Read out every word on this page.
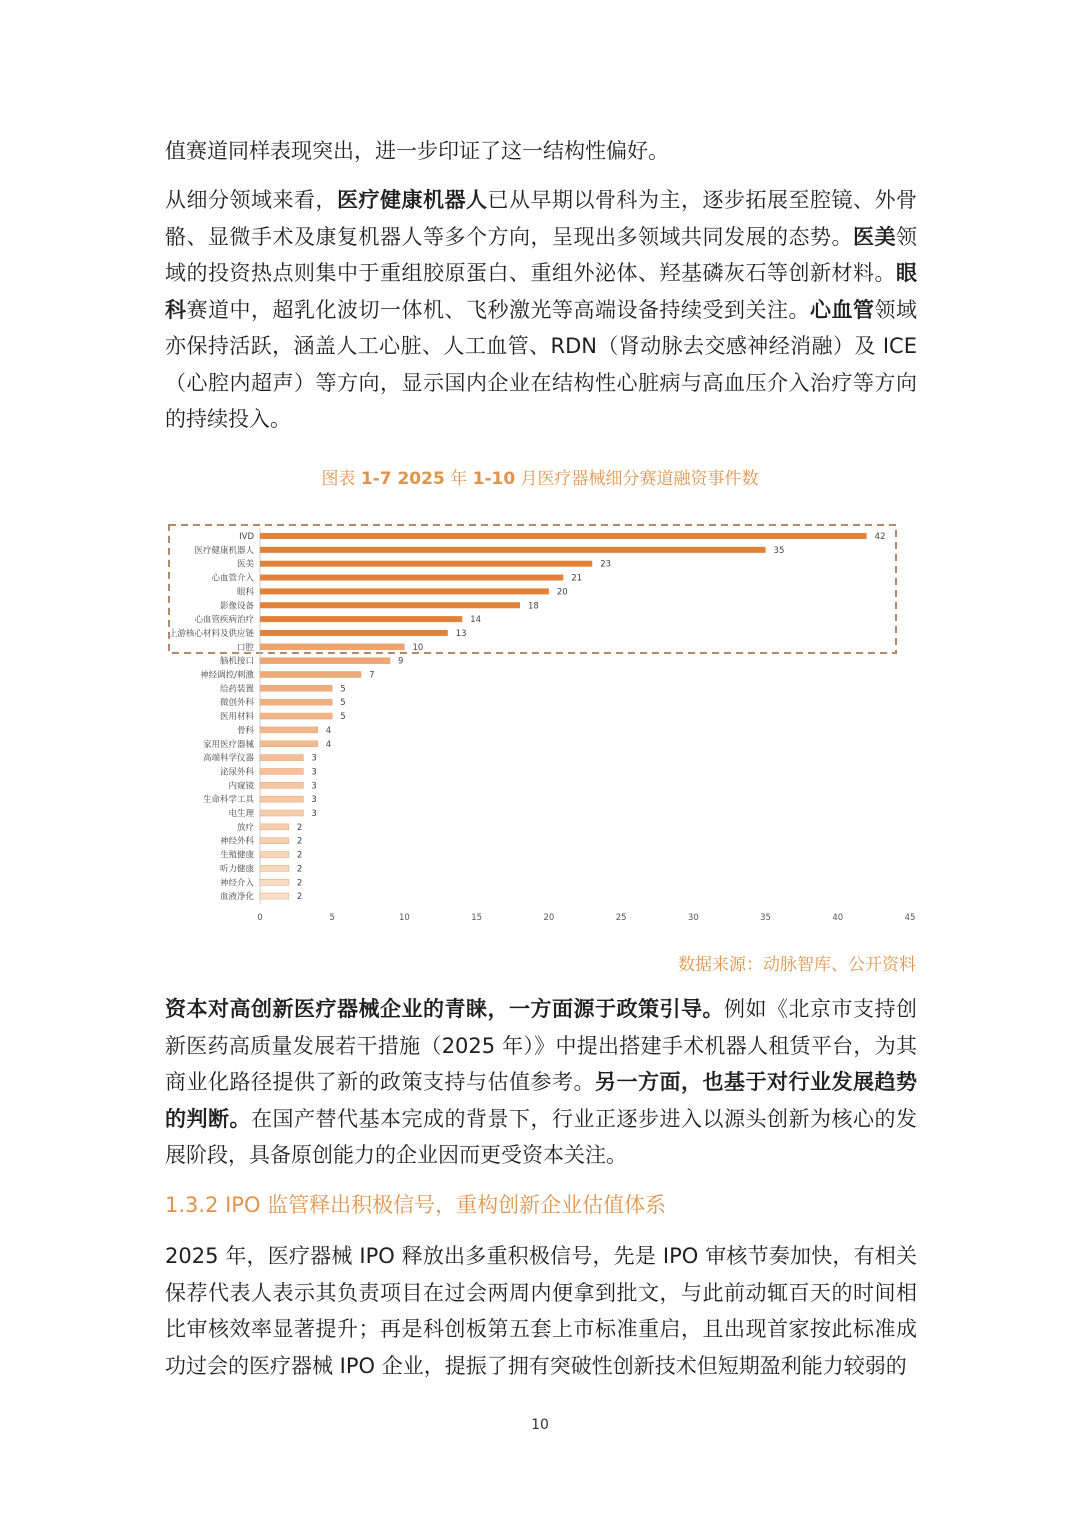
值赛道同样表现突出，进一步印证了这一结构性偏好。

从细分领域来看，医疗健康机器人已从早期以骨科为主，逐步拓展至腔镜、外骨骼、显微手术及康复机器人等多个方向，呈现出多领域共同发展的态势。医美领域的投资热点则集中于重组胶原蛋白、重组外泌体、羟基磷灰石等创新材料。眼科赛道中，超乳化波切一体机、飞秒激光等高端设备持续受到关注。心血管领域亦保持活跃，涵盖人工心脏、人工血管、RDN（肾动脉去交感神经消融）及 ICE（心腔内超声）等方向，显示国内企业在结构性心脏病与高血压介入治疗等方向的持续投入。

图表 1-7 2025 年 1-10 月医疗器械细分赛道融资事件数
IVD	42
医疗健康机器人	35
医美	23
心血管介入	21
眼科	20
影像设备	18
心血管疾病治疗	14
上游核心材料及供应链	13
口腔	10
脑机接口	9
神经调控/刺激	7
给药装置	5
微创外科	5
医用材料	5
骨科	4
家用医疗器械	4
高端科学仪器	3
泌尿外科	3
内窥镜	3
生命科学工具	3
电生理	3
放疗	2
神经外科	2
生殖健康	2
听力健康	2
神经介入	2
血液净化	2
0	5	10	15	20	25	30	35	40	45
数据来源：动脉智库、公开资料

资本对高创新医疗器械企业的青睐，一方面源于政策引导。例如《北京市支持创新医药高质量发展若干措施（2025 年）》中提出搭建手术机器人租赁平台，为其商业化路径提供了新的政策支持与估值参考。另一方面，也基于对行业发展趋势的判断。在国产替代基本完成的背景下，行业正逐步进入以源头创新为核心的发展阶段，具备原创能力的企业因而更受资本关注。

1.3.2 IPO 监管释出积极信号，重构创新企业估值体系

2025 年，医疗器械 IPO 释放出多重积极信号，先是 IPO 审核节奏加快，有相关保荐代表人表示其负责项目在过会两周内便拿到批文，与此前动辄百天的时间相比审核效率显著提升；再是科创板第五套上市标准重启，且出现首家按此标准成功过会的医疗器械 IPO 企业，提振了拥有突破性创新技术但短期盈利能力较弱的

10
